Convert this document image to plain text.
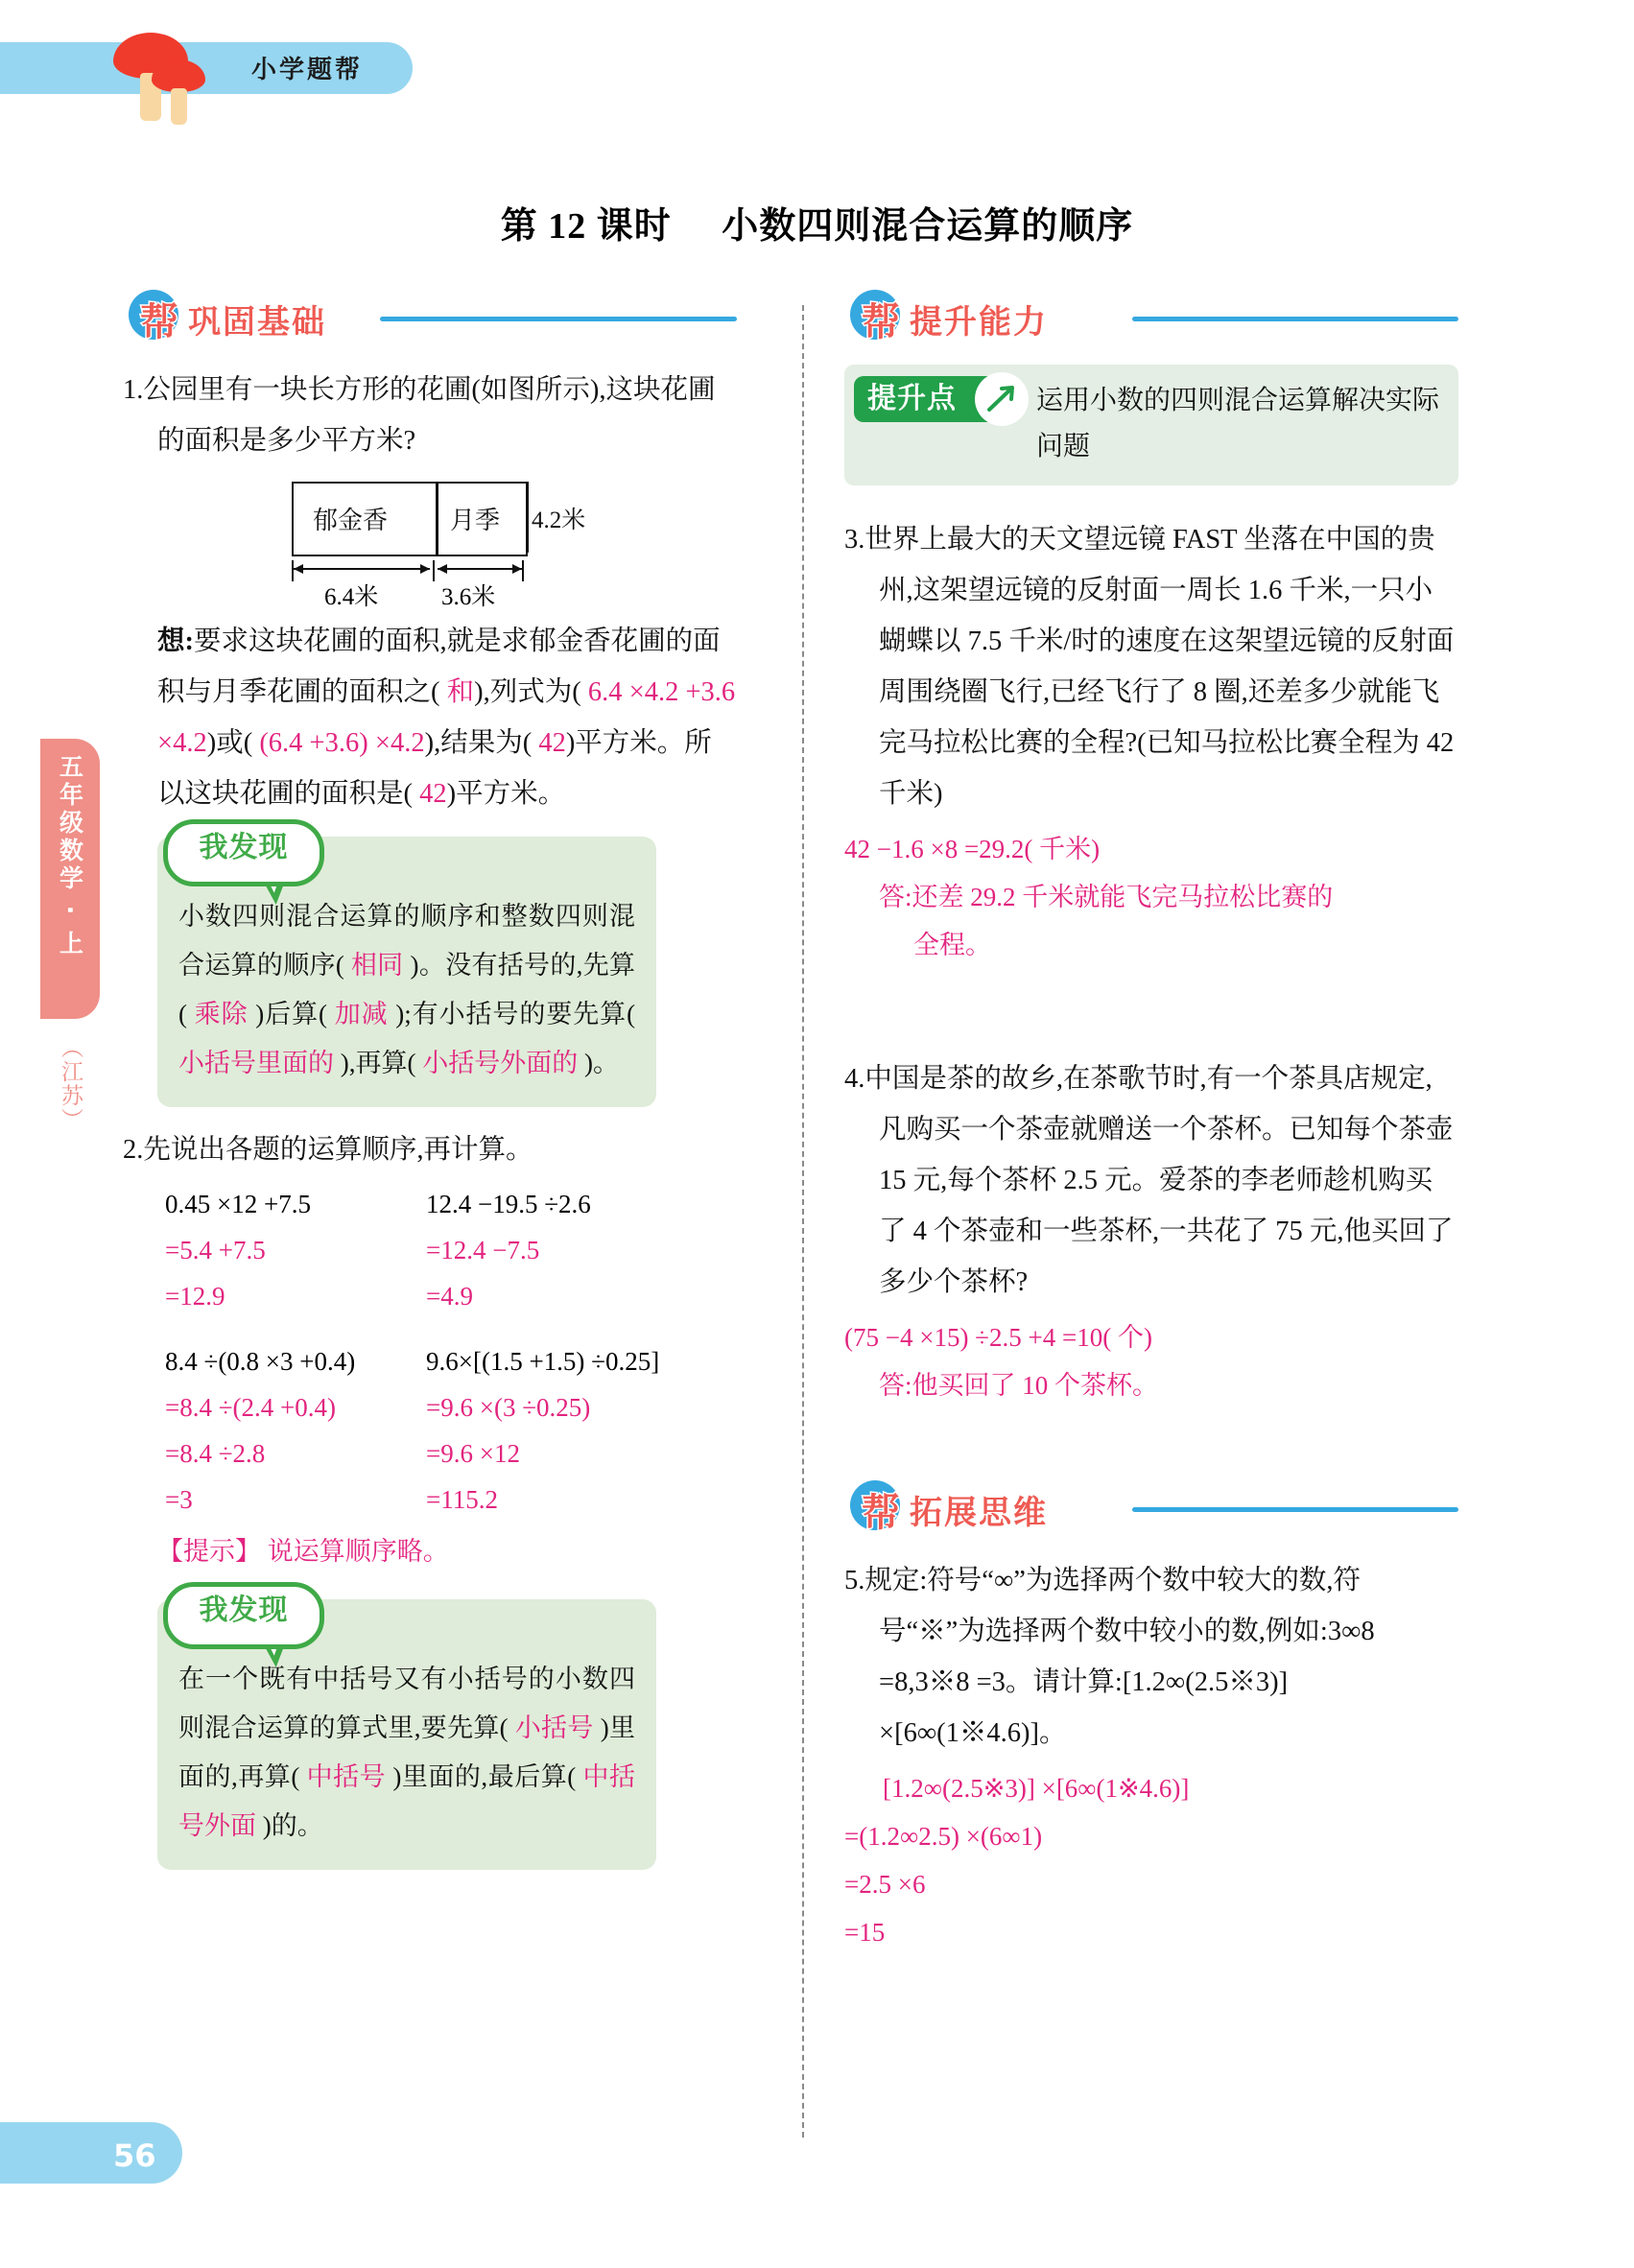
小学题帮
第 12 课时 小数四则混合运算的顺序
五年级数学 · 上
（江苏）
56
帮 巩固基础

1.公园里有一块长方形的花圃(如图所示),这块花圃的面积是多少平方米?

郁金香 月季 4.2米
6.4米	3.6米

想:要求这块花圃的面积,就是求郁金香花圃的面积与月季花圃的面积之( 和),列式为( 6.4 ×4.2 +3.6 ×4.2)或( (6.4 +3.6) ×4.2),结果为( 42)平方米。所以这块花圃的面积是( 42)平方米。

我发现

小数四则混合运算的顺序和整数四则混合运算的顺序( 相同 )。没有括号的,先算( 乘除 )后算( 加减 );有小括号的要先算( 小括号里面的 ),再算( 小括号外面的 )。

2.先说出各题的运算顺序,再计算。

0.45 ×12 +7.5	12.4 −19.5 ÷2.6
=5.4 +7.5	=12.4 −7.5
=12.9	=4.9
8.4 ÷(0.8 ×3 +0.4)	9.6×[(1.5 +1.5) ÷0.25]
=8.4 ÷(2.4 +0.4)	=9.6 ×(3 ÷0.25)
=8.4 ÷2.8	=9.6 ×12
=3	=115.2

【提示】 说运算顺序略。

我发现

在一个既有中括号又有小括号的小数四则混合运算的算式里,要先算( 小括号 )里面的,再算( 中括号 )里面的,最后算( 中括号外面 )的。

帮 提升能力
提升点	运用小数的四则混合运算解决实际问题

3.世界上最大的天文望远镜 FAST 坐落在中国的贵州,这架望远镜的反射面一周长 1.6 千米,一只小蝴蝶以 7.5 千米/时的速度在这架望远镜的反射面周围绕圈飞行,已经飞行了 8 圈,还差多少就能飞完马拉松比赛的全程?(已知马拉松比赛全程为 42 千米)

42 −1.6 ×8 =29.2( 千米)

答:还差 29.2 千米就能飞完马拉松比赛的

全程。

4.中国是茶的故乡,在茶歌节时,有一个茶具店规定,凡购买一个茶壶就赠送一个茶杯。已知每个茶壶 15 元,每个茶杯 2.5 元。爱茶的李老师趁机购买了 4 个茶壶和一些茶杯,一共花了 75 元,他买回了多少个茶杯?

(75 −4 ×15) ÷2.5 +4 =10( 个)

答:他买回了 10 个茶杯。

帮 拓展思维

5.规定:符号“∞”为选择两个数中较大的数,符号“※”为选择两个数中较小的数,例如:3∞8 =8,3※8 =3。请计算:[1.2∞(2.5※3)] ×[6∞(1※4.6)]。

[1.2∞(2.5※3)] ×[6∞(1※4.6)]

=(1.2∞2.5) ×(6∞1)

=2.5 ×6

=15
